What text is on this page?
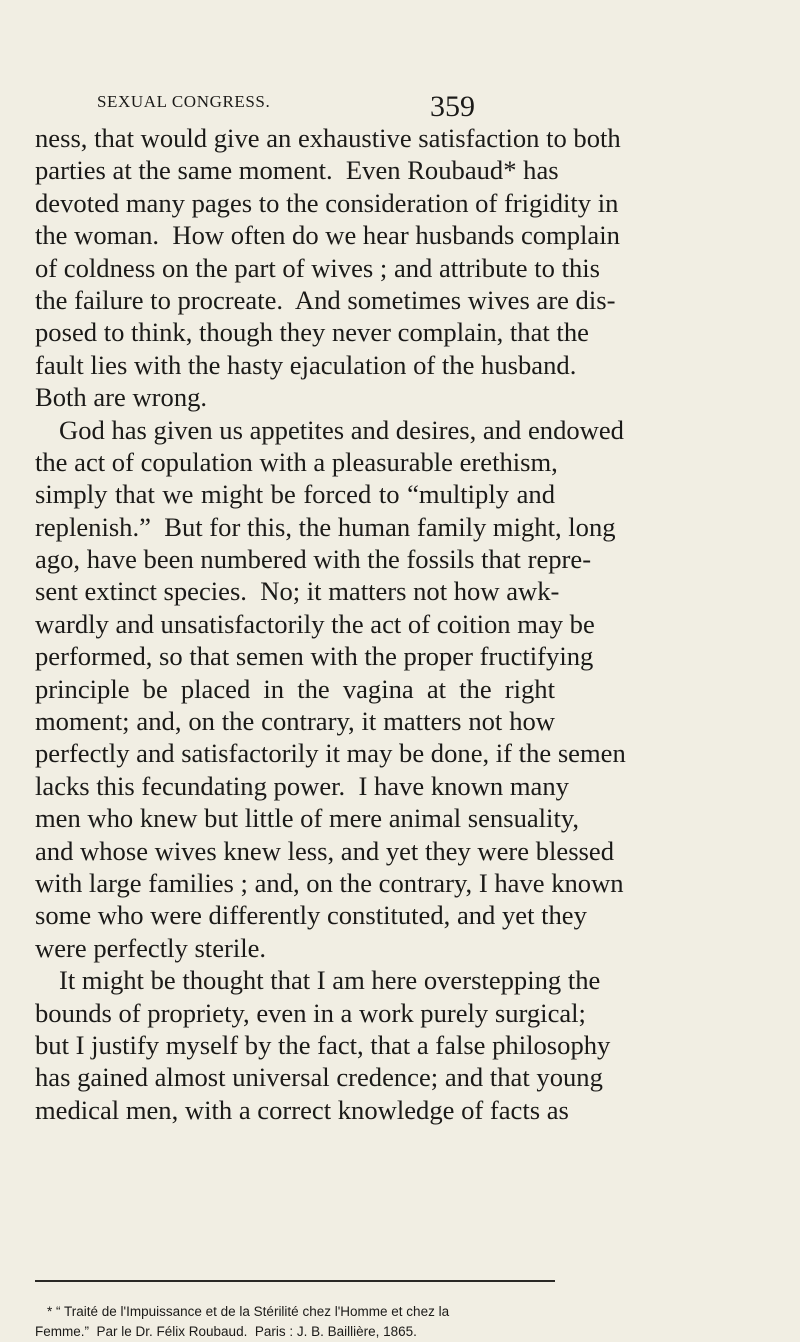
SEXUAL CONGRESS.	359
ness, that would give an exhaustive satisfaction to both
parties at the same moment.  Even Roubaud* has
devoted many pages to the consideration of frigidity in
the woman.  How often do we hear husbands complain
of coldness on the part of wives ; and attribute to this
the failure to procreate.  And sometimes wives are dis-
posed to think, though they never complain, that the
fault lies with the hasty ejaculation of the husband.
Both are wrong.
God has given us appetites and desires, and endowed
the act of copulation with a pleasurable erethism,
simply that we might be forced to “multiply and
replenish.”  But for this, the human family might, long
ago, have been numbered with the fossils that repre-
sent extinct species.  No; it matters not how awk-
wardly and unsatisfactorily the act of coition may be
performed, so that semen with the proper fructifying
principle be placed in the vagina at the right
moment; and, on the contrary, it matters not how
perfectly and satisfactorily it may be done, if the semen
lacks this fecundating power.  I have known many
men who knew but little of mere animal sensuality,
and whose wives knew less, and yet they were blessed
with large families ; and, on the contrary, I have known
some who were differently constituted, and yet they
were perfectly sterile.
It might be thought that I am here overstepping the
bounds of propriety, even in a work purely surgical;
but I justify myself by the fact, that a false philosophy
has gained almost universal credence; and that young
medical men, with a correct knowledge of facts as
* “ Traité de l'Impuissance et de la Stérilité chez l'Homme et chez la
Femme.”  Par le Dr. Félix Roubaud.  Paris : J. B. Baillière, 1865.
